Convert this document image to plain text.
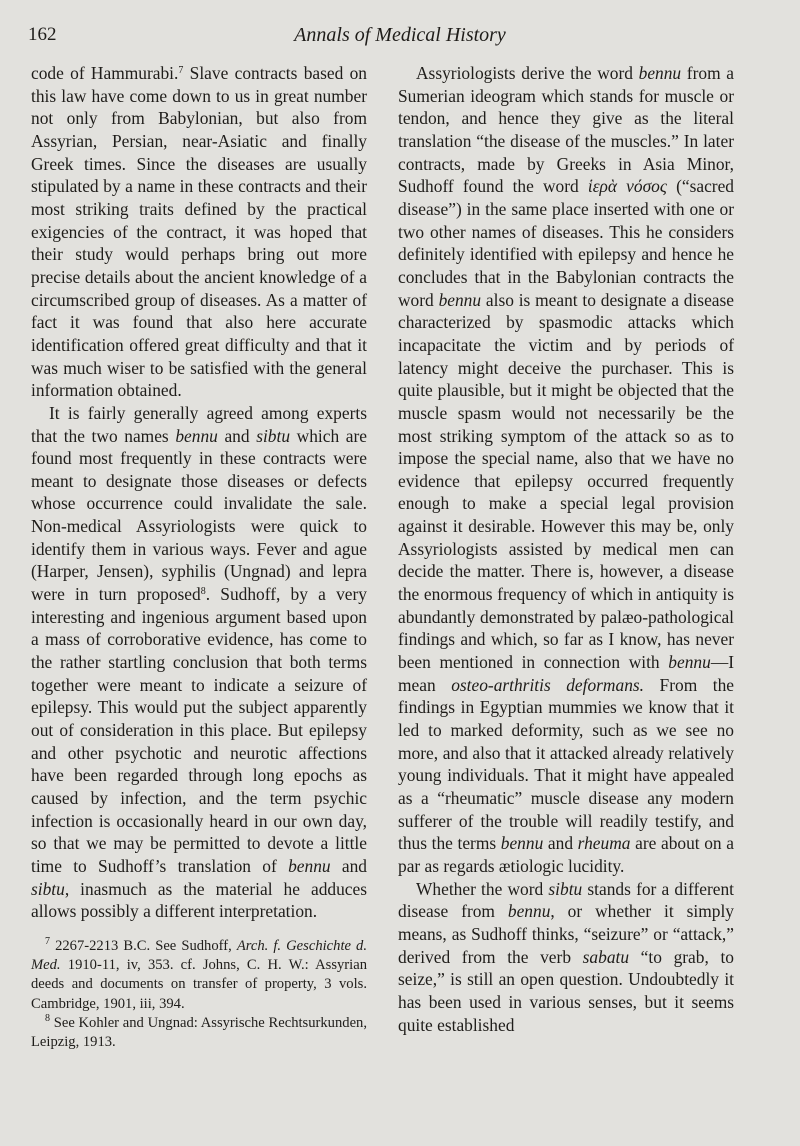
162	Annals of Medical History

code of Hammurabi.$^7$ Slave contracts based on this law have come down to us in great number not only from Babylonian, but also from Assyrian, Persian, near-Asiatic and finally Greek times. Since the diseases are usually stipulated by a name in these contracts and their most striking traits defined by the practical exigencies of the contract, it was hoped that their study would perhaps bring out more precise details about the ancient knowledge of a circumscribed group of diseases. As a matter of fact it was found that also here accurate identification offered great difficulty and that it was much wiser to be satisfied with the general information obtained.

It is fairly generally agreed among experts that the two names bennu and sibtu which are found most frequently in these contracts were meant to designate those diseases or defects whose occurrence could invalidate the sale. Non-medical Assyriologists were quick to identify them in various ways. Fever and ague (Harper, Jensen), syphilis (Ungnad) and lepra were in turn proposed$^8$. Sudhoff, by a very interesting and ingenious argument based upon a mass of corroborative evidence, has come to the rather startling conclusion that both terms together were meant to indicate a seizure of epilepsy. This would put the subject apparently out of consideration in this place. But epilepsy and other psychotic and neurotic affections have been regarded through long epochs as caused by infection, and the term psychic infection is occasionally heard in our own day, so that we may be permitted to devote a little time to Sudhoff’s translation of bennu and sibtu, inasmuch as the material he adduces allows possibly a different interpretation.

$^7$ 2267-2213 B.C. See Sudhoff, Arch. f. Geschichte d. Med. 1910-11, iv, 353. cf. Johns, C. H. W.: Assyrian deeds and documents on transfer of property, 3 vols. Cambridge, 1901, iii, 394.

$^8$ See Kohler and Ungnad: Assyrische Rechtsurkunden, Leipzig, 1913.

Assyriologists derive the word bennu from a Sumerian ideogram which stands for muscle or tendon, and hence they give as the literal translation “the disease of the muscles.” In later contracts, made by Greeks in Asia Minor, Sudhoff found the word ἱερὰ νόσος (“sacred disease”) in the same place inserted with one or two other names of diseases. This he considers definitely identified with epilepsy and hence he concludes that in the Babylonian contracts the word bennu also is meant to designate a disease characterized by spasmodic attacks which incapacitate the victim and by periods of latency might deceive the purchaser. This is quite plausible, but it might be objected that the muscle spasm would not necessarily be the most striking symptom of the attack so as to impose the special name, also that we have no evidence that epilepsy occurred frequently enough to make a special legal provision against it desirable. However this may be, only Assyriologists assisted by medical men can decide the matter. There is, however, a disease the enormous frequency of which in antiquity is abundantly demonstrated by palæo-pathological findings and which, so far as I know, has never been mentioned in connection with bennu—I mean osteo-arthritis deformans. From the findings in Egyptian mummies we know that it led to marked deformity, such as we see no more, and also that it attacked already relatively young individuals. That it might have appealed as a “rheumatic” muscle disease any modern sufferer of the trouble will readily testify, and thus the terms bennu and rheuma are about on a par as regards ætiologic lucidity.

Whether the word sibtu stands for a different disease from bennu, or whether it simply means, as Sudhoff thinks, “seizure” or “attack,” derived from the verb sabatu “to grab, to seize,” is still an open question. Undoubtedly it has been used in various senses, but it seems quite established
